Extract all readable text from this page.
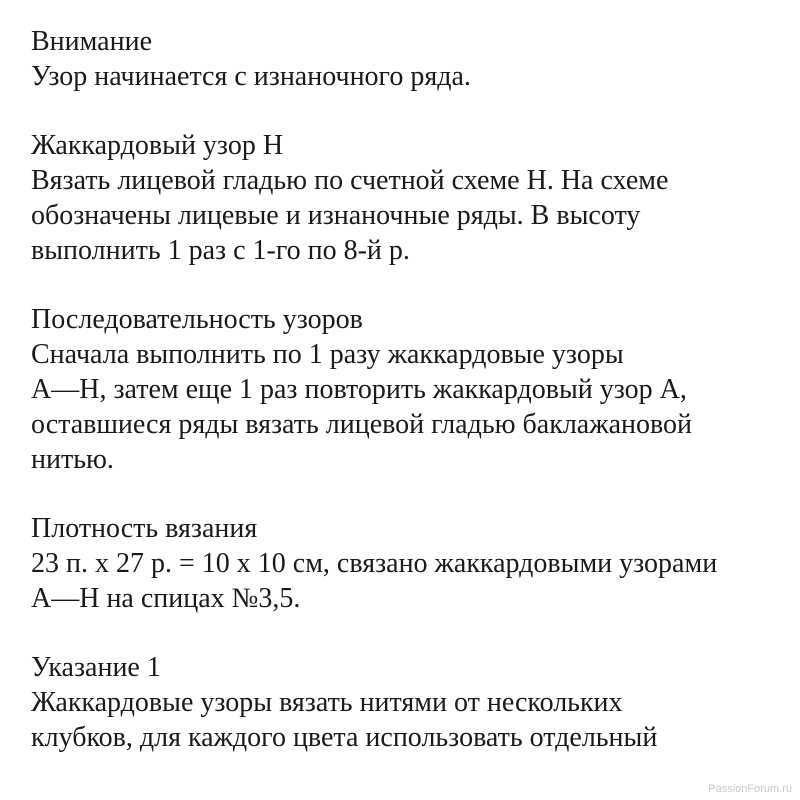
Внимание
Узор начинается с изнаночного ряда.
Жаккардовый узор Н
Вязать лицевой гладью по счетной схеме Н. На схеме
обозначены лицевые и изнаночные ряды. В высоту
выполнить 1 раз с 1-го по 8-й р.
Последовательность узоров
Сначала выполнить по 1 разу жаккардовые узоры
А—Н, затем еще 1 раз повторить жаккардовый узор А,
оставшиеся ряды вязать лицевой гладью баклажановой
нитью.
Плотность вязания
23 п. х 27 р. = 10 х 10 см, связано жаккардовыми узорами
А—Н на спицах №3,5.
Указание 1
Жаккардовые узоры вязать нитями от нескольких
клубков, для каждого цвета использовать отдельный
PassionForum.ru
